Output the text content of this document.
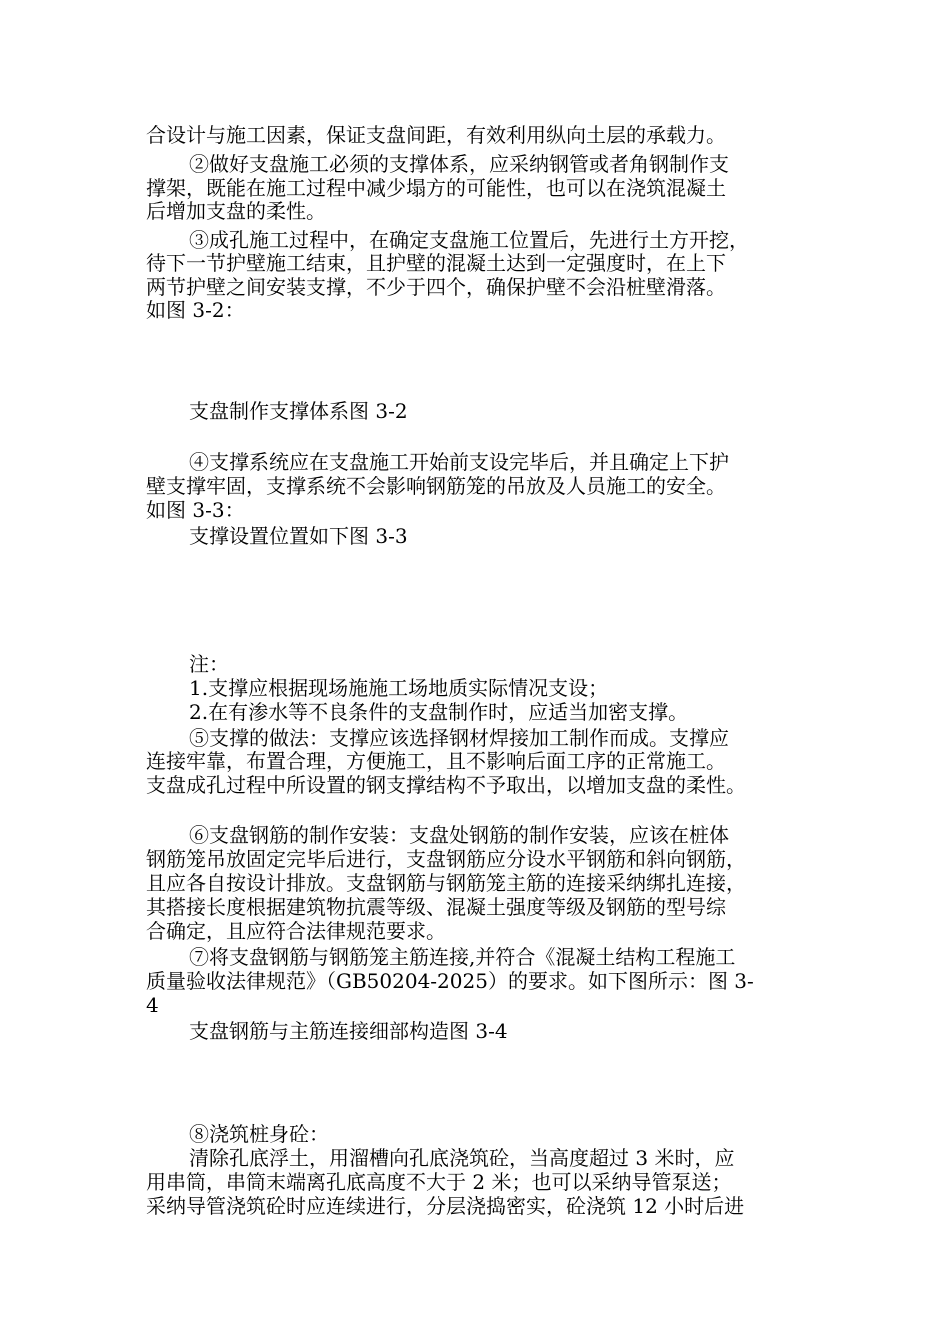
合设计与施工因素，保证支盘间距，有效利用纵向土层的承载力。
②做好支盘施工必须的支撑体系，应采纳钢管或者角钢制作支
撑架，既能在施工过程中减少塌方的可能性，也可以在浇筑混凝土
后增加支盘的柔性。
③成孔施工过程中，在确定支盘施工位置后，先进行土方开挖，
待下一节护壁施工结束，且护壁的混凝土达到一定强度时，在上下
两节护壁之间安装支撑，不少于四个，确保护壁不会沿桩壁滑落。
如图 3-2：
支盘制作支撑体系图 3-2
④支撑系统应在支盘施工开始前支设完毕后，并且确定上下护
壁支撑牢固，支撑系统不会影响钢筋笼的吊放及人员施工的安全。
如图 3-3：
支撑设置位置如下图 3-3
注：
1.支撑应根据现场施施工场地质实际情况支设；
2.在有渗水等不良条件的支盘制作时，应适当加密支撑。
⑤支撑的做法：支撑应该选择钢材焊接加工制作而成。支撑应
连接牢靠，布置合理，方便施工，且不影响后面工序的正常施工。
支盘成孔过程中所设置的钢支撑结构不予取出，以增加支盘的柔性。
⑥支盘钢筋的制作安装：支盘处钢筋的制作安装，应该在桩体
钢筋笼吊放固定完毕后进行，支盘钢筋应分设水平钢筋和斜向钢筋，
且应各自按设计排放。支盘钢筋与钢筋笼主筋的连接采纳绑扎连接，
其搭接长度根据建筑物抗震等级、混凝土强度等级及钢筋的型号综
合确定，且应符合法律规范要求。
⑦将支盘钢筋与钢筋笼主筋连接,并符合《混凝土结构工程施工
质量验收法律规范》（GB50204-2025）的要求。如下图所示：图 3-
4
支盘钢筋与主筋连接细部构造图 3-4
⑧浇筑桩身砼：
清除孔底浮土，用溜槽向孔底浇筑砼，当高度超过 3 米时，应
用串筒，串筒末端离孔底高度不大于 2 米；也可以采纳导管泵送；
采纳导管浇筑砼时应连续进行，分层浇捣密实，砼浇筑 12 小时后进
